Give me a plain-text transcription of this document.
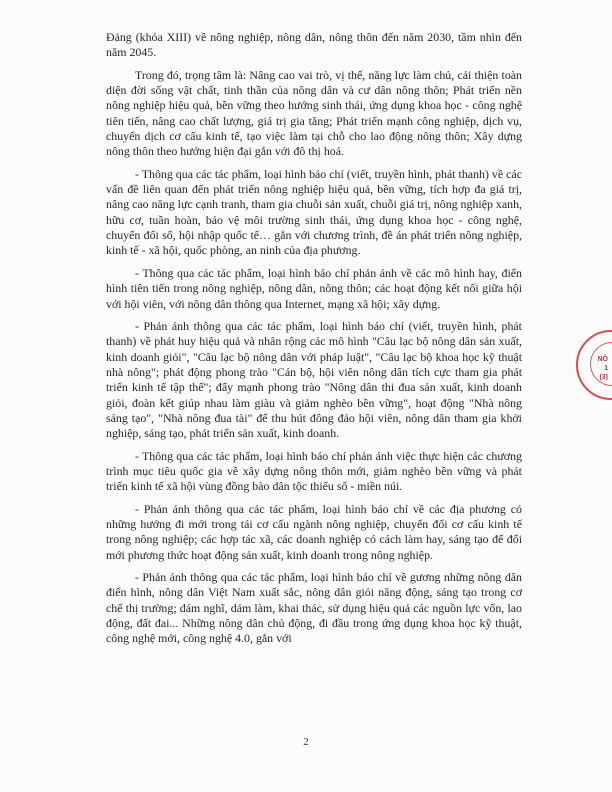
Đảng (khóa XIII) về nông nghiệp, nông dân, nông thôn đến năm 2030, tầm nhìn đến năm 2045.

Trong đó, trọng tâm là: Nâng cao vai trò, vị thế, năng lực làm chủ, cải thiện toàn diện đời sống vật chất, tinh thần của nông dân và cư dân nông thôn; Phát triển nền nông nghiệp hiệu quả, bền vững theo hướng sinh thái, ứng dụng khoa học - công nghệ tiên tiến, nâng cao chất lượng, giá trị gia tăng; Phát triển mạnh công nghiệp, dịch vụ, chuyển dịch cơ cấu kinh tế, tạo việc làm tại chỗ cho lao động nông thôn; Xây dựng nông thôn theo hướng hiện đại gắn với đô thị hoá.

- Thông qua các tác phẩm, loại hình báo chí (viết, truyền hình, phát thanh) về các vấn đề liên quan đến phát triển nông nghiệp hiệu quả, bền vững, tích hợp đa giá trị, nâng cao năng lực cạnh tranh, tham gia chuỗi sản xuất, chuỗi giá trị, nông nghiệp xanh, hữu cơ, tuần hoàn, bảo vệ môi trường sinh thái, ứng dụng khoa học - công nghệ, chuyển đổi số, hội nhập quốc tế… gắn với chương trình, đề án phát triển nông nghiệp, kinh tế - xã hội, quốc phòng, an ninh của địa phương.

- Thông qua các tác phẩm, loại hình báo chí phản ánh về các mô hình hay, điển hình tiên tiến trong nông nghiệp, nông dân, nông thôn; các hoạt động kết nối giữa hội với hội viên, với nông dân thông qua Internet, mạng xã hội; xây dựng.

- Phản ánh thông qua các tác phẩm, loại hình báo chí (viết, truyền hình, phát thanh) về phát huy hiệu quả và nhân rộng các mô hình "Câu lạc bộ nông dân sản xuất, kinh doanh giỏi", "Câu lạc bộ nông dân với pháp luật", "Câu lạc bộ khoa học kỹ thuật nhà nông"; phát động phong trào "Cán bộ, hội viên nông dân tích cực tham gia phát triển kinh tế tập thể"; đẩy mạnh phong trào "Nông dân thi đua sản xuất, kinh doanh giỏi, đoàn kết giúp nhau làm giàu và giảm nghèo bền vững", hoạt động "Nhà nông sáng tạo", "Nhà nông đua tài" để thu hút đông đảo hội viên, nông dân tham gia khởi nghiệp, sáng tạo, phát triển sản xuất, kinh doanh.

- Thông qua các tác phẩm, loại hình báo chí phản ánh việc thực hiện các chương trình mục tiêu quốc gia về xây dựng nông thôn mới, giảm nghèo bền vững và phát triển kinh tế xã hội vùng đồng bào dân tộc thiểu số - miền núi.

- Phản ánh thông qua các tác phẩm, loại hình báo chí về các địa phương có những hướng đi mới trong tái cơ cấu ngành nông nghiệp, chuyển đổi cơ cấu kinh tế trong nông nghiệp; các hợp tác xã, các doanh nghiệp có cách làm hay, sáng tạo để đổi mới phương thức hoạt động sản xuất, kinh doanh trong nông nghiệp.

- Phản ánh thông qua các tác phẩm, loại hình báo chí về gương những nông dân điển hình, nông dân Việt Nam xuất sắc, nông dân giỏi năng động, sáng tạo trong cơ chế thị trường; dám nghĩ, dám làm, khai thác, sử dụng hiệu quả các nguồn lực vốn, lao động, đất đai... Những nông dân chủ động, đi đầu trong ứng dụng khoa học kỹ thuật, công nghệ mới, công nghệ 4.0, gắn với

NÔ
1
(3)
2
